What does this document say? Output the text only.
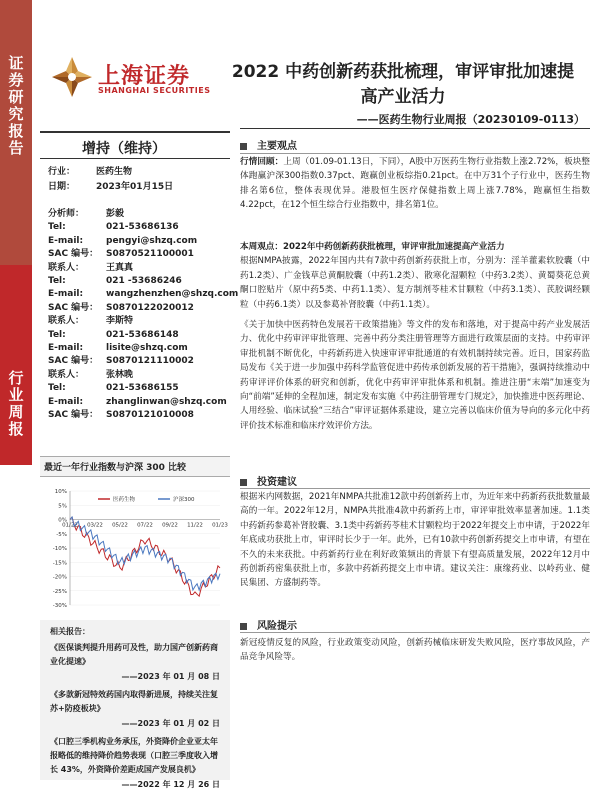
证券研究报告
行业周报
上海证券
SHANGHAI SECURITIES
2022 中药创新药获批梳理，审评审批加速提高产业活力
——医药生物行业周报（20230109-0113）
增持（维持）
行业： 医药生物
日期： 2023年01月15日
分析师： 彭毅
Tel:	021-53686136
E-mail:	pengyi@shzq.com
SAC 编号： S0870521100001
联系人： 王真真
Tel:	021 -53686246
E-mail:	wangzhenzhen@shzq.com
SAC 编号： S0870122020012
联系人： 李斯特
Tel:	021-53686148
E-mail:	lisite@shzq.com
SAC 编号： S0870121110002
联系人： 张林晚
Tel:	021-53686155
E-mail:	zhanglinwan@shzq.com
SAC 编号： S0870121010008
最近一年行业指数与沪深 300 比较
10%
5%
0%
-5%
-10%
-15%
-20%
-25%
-30%
01/22 03/22 05/22 07/22 09/22 11/22 01/23
医药生物	沪深300
相关报告：
《医保谈判提升用药可及性，助力国产创新药商业化提速》
——2023 年 01 月 08 日
《多款新冠特效药国内取得新进展，持续关注复苏+防疫板块》
——2023 年 01 月 02 日
《口腔三季机构业务承压，外资降价企业亚太年报略低的维持降价趋势表现（口腔三季度收入增长 43%，外资降价差距成国产发展良机》
——2022 年 12 月 26 日
主要观点
行情回顾：上周（01.09-01.13日，下同），A股中万医药生物行业指数上涨2.72%，板块整体跑赢沪深300指数0.37pct、跑赢创业板综指0.21pct。在中万31个子行业中，医药生物排名第6位，整体表现优异。港股恒生医疗保健指数上周上涨7.78%，跑赢恒生指数4.22pct，在12个恒生综合行业指数中，排名第1位。
本周观点：2022年中药创新药获批梳理，审评审批加速提高产业活力
根据NMPA披露，2022年国内共有7款中药创新药获批上市，分别为：淫羊藿素软胶囊（中药1.2类）、广金钱草总黄酮胶囊（中药1.2类）、散寒化湿颗粒（中药3.2类）、黄蜀葵花总黄酮口腔贴片（原中药5类、中药1.1类）、复方制剂苓桂术甘颗粒（中药3.1类）、芪胶调经颗粒（中药6.1类）以及参葛补肾胶囊（中药1.1类）。
《关于加快中医药特色发展若干政策措施》等文件的发布和落地，对于提高中药产业发展活力、优化中药审评审批管理、完善中药分类注册管理等方面进行政策层面的支持。中药审评审批机制不断优化，中药新药进入快速审评审批通道的有效机制持续完善。近日，国家药监局发布《关于进一步加强中药科学监管促进中药传承创新发展的若干措施》，强调持续推动中药审评评价体系的研究和创新，优化中药审评审批体系和机制。推进注册“末端”加速变为向“前端”延伸的全程加速，制定发布实施《中药注册管理专门规定》，加快推进中医药理论、人用经验、临床试验“三结合”审评证据体系建设，建立完善以临床价值为导向的多元化中药评价技术标准和临床疗效评价方法。
投资建议
根据米内网数据，2021年NMPA共批准12款中药创新药上市，为近年来中药新药获批数量最高的一年。2022年12月，NMPA共批准4款中药新药上市，审评审批效率显著加速。1.1类中药新药参葛补肾胶囊、3.1类中药新药苓桂术甘颗粒均于2022年提交上市申请，于2022年年底成功获批上市，审评时长少于一年。此外，已有10款中药创新药提交上市申请，有望在不久的未来获批。中药新药行业在利好政策频出的背景下有望高质量发展，2022年12月中药创新药密集获批上市，多款中药新药提交上市申请。建议关注：康缘药业、以岭药业、健民集团、方盛制药等。
风险提示
新冠疫情反复的风险，行业政策变动风险，创新药械临床研发失败风险，医疗事故风险，产品竞争风险等。
